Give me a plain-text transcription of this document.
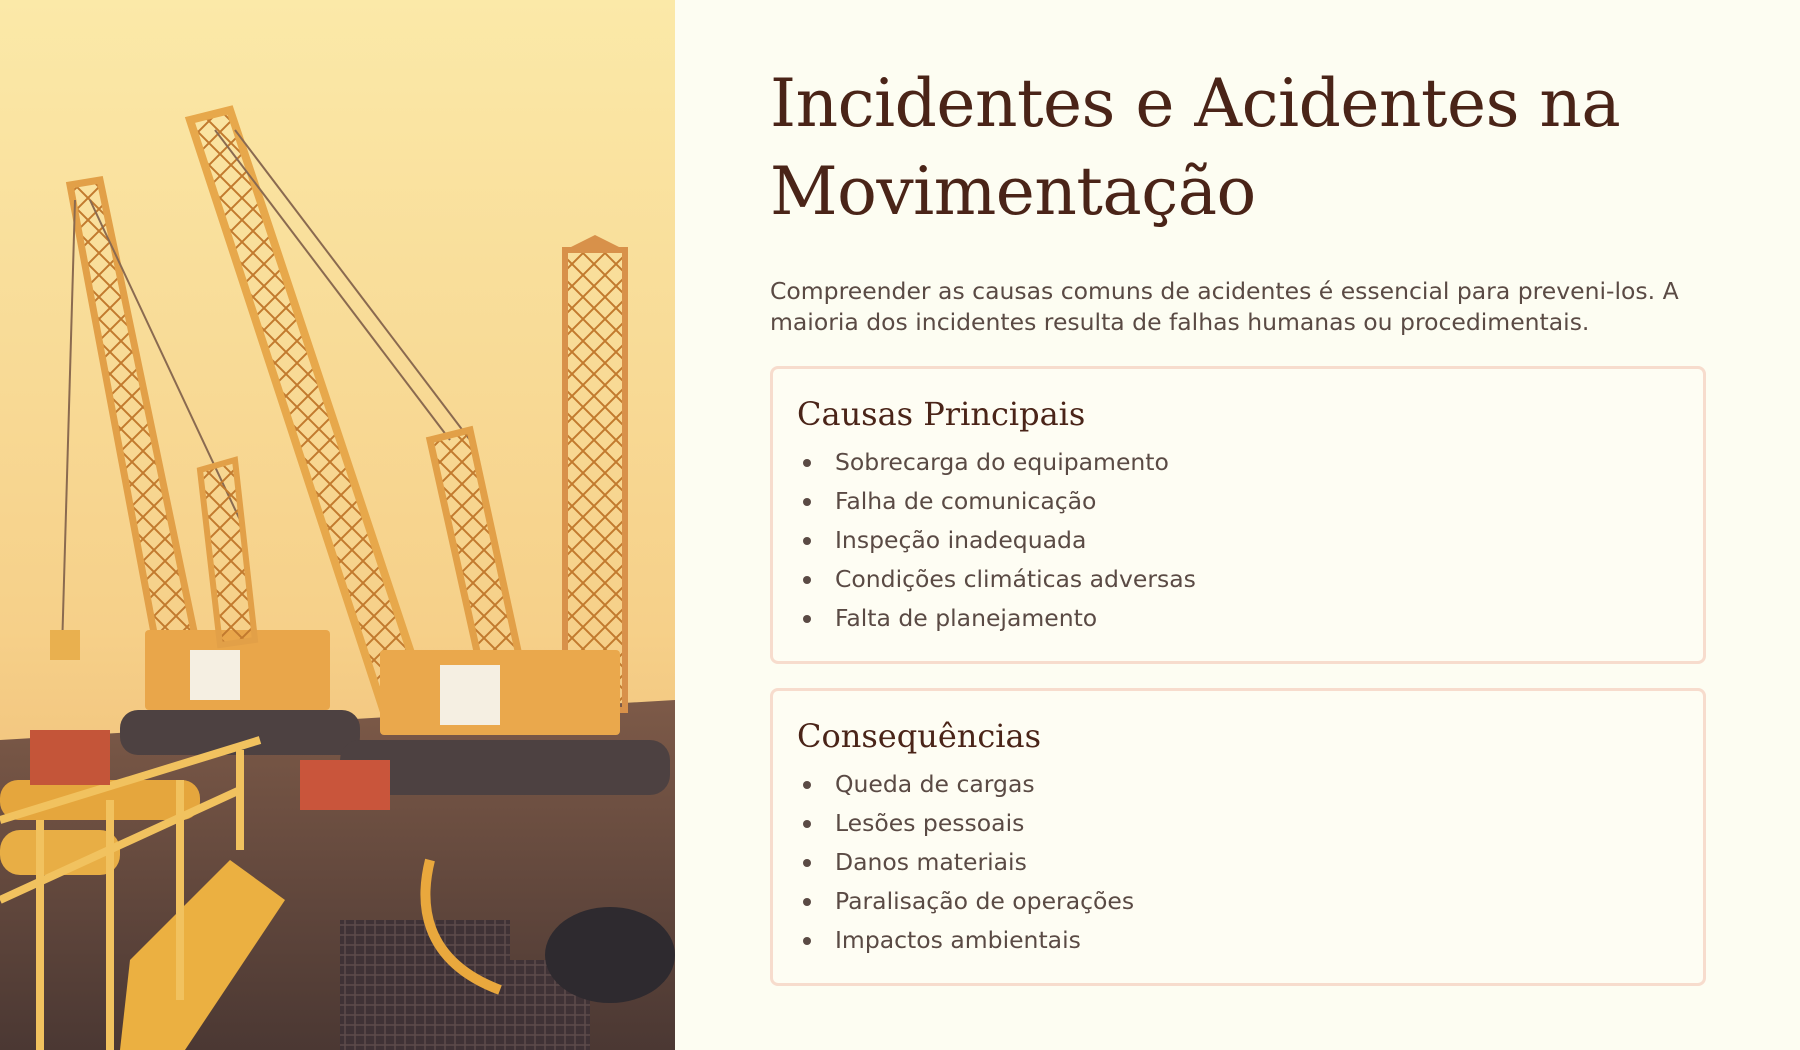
Incidentes e Acidentes na Movimentação

Compreender as causas comuns de acidentes é essencial para preveni-los. A maioria dos incidentes resulta de falhas humanas ou procedimentais.

Causas Principais
Sobrecarga do equipamento
Falha de comunicação
Inspeção inadequada
Condições climáticas adversas
Falta de planejamento
Consequências
Queda de cargas
Lesões pessoais
Danos materiais
Paralisação de operações
Impactos ambientais
